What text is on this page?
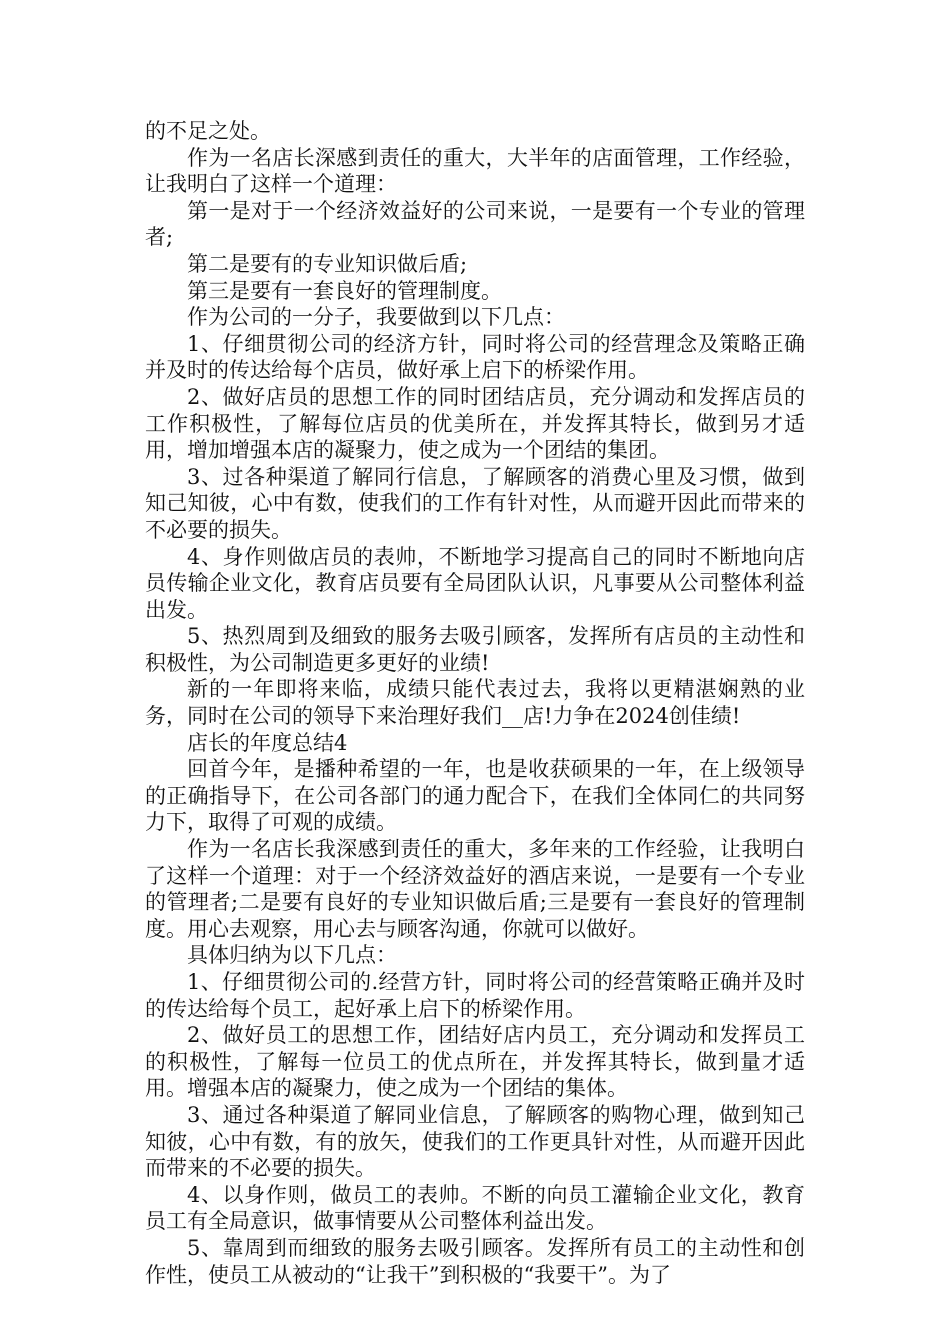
的不足之处。

作为一名店长深感到责任的重大，大半年的店面管理，工作经验，让我明白了这样一个道理：

第一是对于一个经济效益好的公司来说，一是要有一个专业的管理者;

第二是要有的专业知识做后盾;

第三是要有一套良好的管理制度。

作为公司的一分子，我要做到以下几点：

1、仔细贯彻公司的经济方针，同时将公司的经营理念及策略正确并及时的传达给每个店员，做好承上启下的桥梁作用。

2、做好店员的思想工作的同时团结店员，充分调动和发挥店员的工作积极性，了解每位店员的优美所在，并发挥其特长，做到另才适用，增加增强本店的凝聚力，使之成为一个团结的集团。

3、过各种渠道了解同行信息，了解顾客的消费心里及习惯，做到知己知彼，心中有数，使我们的工作有针对性，从而避开因此而带来的不必要的损失。

4、身作则做店员的表帅，不断地学习提高自己的同时不断地向店员传输企业文化，教育店员要有全局团队认识，凡事要从公司整体利益出发。

5、热烈周到及细致的服务去吸引顾客，发挥所有店员的主动性和积极性，为公司制造更多更好的业绩!

新的一年即将来临，成绩只能代表过去，我将以更精湛娴熟的业务，同时在公司的领导下来治理好我们__店!力争在2024创佳绩!

店长的年度总结4

回首今年，是播种希望的一年，也是收获硕果的一年，在上级领导的正确指导下，在公司各部门的通力配合下，在我们全体同仁的共同努力下，取得了可观的成绩。

作为一名店长我深感到责任的重大，多年来的工作经验，让我明白了这样一个道理：对于一个经济效益好的酒店来说，一是要有一个专业的管理者;二是要有良好的专业知识做后盾;三是要有一套良好的管理制度。用心去观察，用心去与顾客沟通，你就可以做好。

具体归纳为以下几点：

1、仔细贯彻公司的.经营方针，同时将公司的经营策略正确并及时的传达给每个员工，起好承上启下的桥梁作用。

2、做好员工的思想工作，团结好店内员工，充分调动和发挥员工的积极性，了解每一位员工的优点所在，并发挥其特长，做到量才适用。增强本店的凝聚力，使之成为一个团结的集体。

3、通过各种渠道了解同业信息，了解顾客的购物心理，做到知己知彼，心中有数，有的放矢，使我们的工作更具针对性，从而避开因此而带来的不必要的损失。

4、以身作则，做员工的表帅。不断的向员工灌输企业文化，教育员工有全局意识，做事情要从公司整体利益出发。

5、靠周到而细致的服务去吸引顾客。发挥所有员工的主动性和创作性，使员工从被动的“让我干”到积极的“我要干”。为了
